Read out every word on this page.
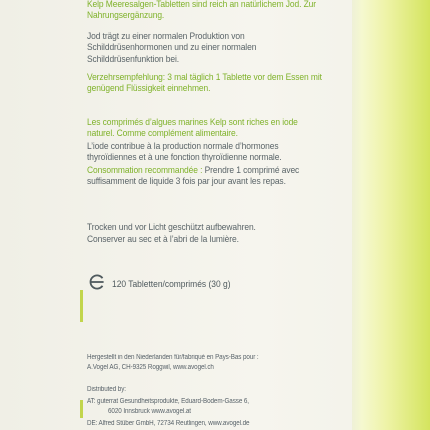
Kelp Meeresalgen-Tabletten sind reich an natürlichem Jod. Zur Nahrungsergänzung.
Jod trägt zu einer normalen Produktion von Schilddrüsenhormonen und zu einer normalen Schilddrüsenfunktion bei.
Verzehrsempfehlung: 3 mal täglich 1 Tablette vor dem Essen mit genügend Flüssigkeit einnehmen.
Les comprimés d’algues marines Kelp sont riches en iode naturel. Comme complément alimentaire.
L’iode contribue à la production normale d’hormones thyroïdiennes et à une fonction thyroïdienne normale.
Consommation recommandée : Prendre 1 comprimé avec suffisamment de liquide 3 fois par jour avant les repas.
Trocken und vor Licht geschützt aufbewahren.
Conserver au sec et à l’abri de la lumière.
120 Tabletten/comprimés (30 g)
Hergestellt in den Niederlanden für/fabriqué en Pays-Bas pour :
A.Vogel AG, CH-9325 Roggwil, www.avogel.ch
Distributed by:
AT: guterrat Gesundheitsprodukte, Eduard-Bodem-Gasse 6,
6020 Innsbruck www.avogel.at
DE: Alfred Stüber GmbH, 72734 Reutlingen, www.avogel.de
